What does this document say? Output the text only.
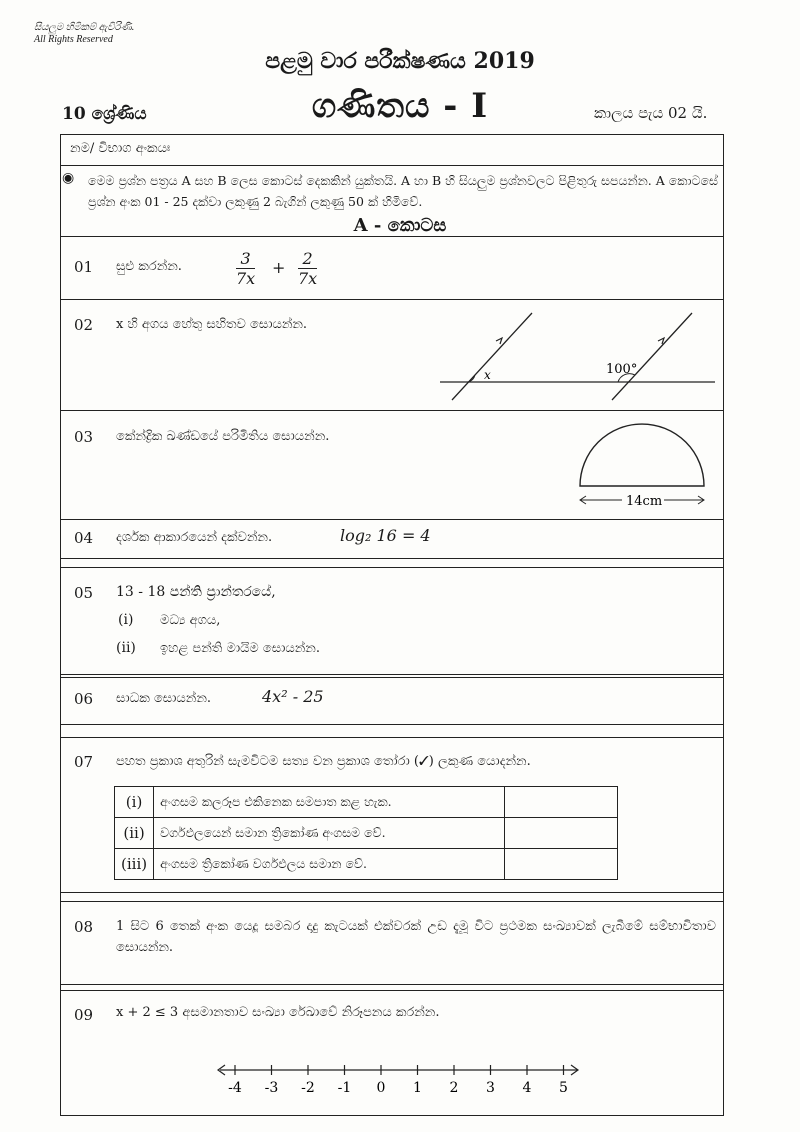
සියලුම හිමිකම් ඇවිරිණි.
All Rights Reserved
පළමු වාර පරීක්ෂණය 2019
ගණිතය - I
10 ශ්‍රේණිය	කාලය පැය 02 යි.
නම/ විභාග අංකයඃ
◉ මෙම ප්‍රශ්න පත්‍රය A සහ B ලෙස කොටස් දෙකකින් යුක්තයි. A හා B හි සියලුම ප්‍රශ්නවලට පිළිතුරු සපයන්න. A කොටසේ ප්‍රශ්න අංක 01 - 25 දක්වා ලකුණු 2 බැගින් ලකුණු 50 ක් හිමිවේ.
A - කොටස
01 සුළු කරන්න.	$\frac{3}{7x} + \frac{2}{7x}$
02 x හි අගය හේතු සහිතව සොයන්න.
x	100°
03 කේන්ද්‍රික ඛණ්ඩයේ පරිමිතිය සොයන්න.
14cm
04 දර්ශක ආකාරයෙන් දක්වන්න.	log₂ 16 = 4
05 13 - 18 පන්ති ප්‍රාන්තරයේ,
(i) මධ්‍ය අගය,
(ii) ඉහළ පන්ති මායිම සොයන්න.
06 සාධක සොයන්න.	4x² - 25
07 පහත ප්‍රකාශ අතුරින් සැමවිටම සත්‍ය වන ප්‍රකාශ තෝරා (✓) ලකුණ යොදන්න.
(i)	අංගසම කලරූප එකිනෙක සමපාත කළ හැක.	
(ii)	වර්ගඵලයෙන් සමාන ත්‍රිකෝණ අංගසම වේ.	
(iii)	අංගසම ත්‍රිකෝණ වර්ගඵලය සමාන වේ.	
08 1 සිට 6 තෙක් අංක යෙදූ සමබර දාදු කැටයක් එක්වරක් උඩ දැමූ විට ප්‍රථමක සංඛ්‍යාවක් ලැබීමේ සම්භාවිතාව සොයන්න.
09 x + 2 ≤ 3 අසමානතාව සංඛ්‍යා රේඛාවේ නිරූපනය කරන්න.
-4 -3 -2 -1 0 1 2 3 4 5
